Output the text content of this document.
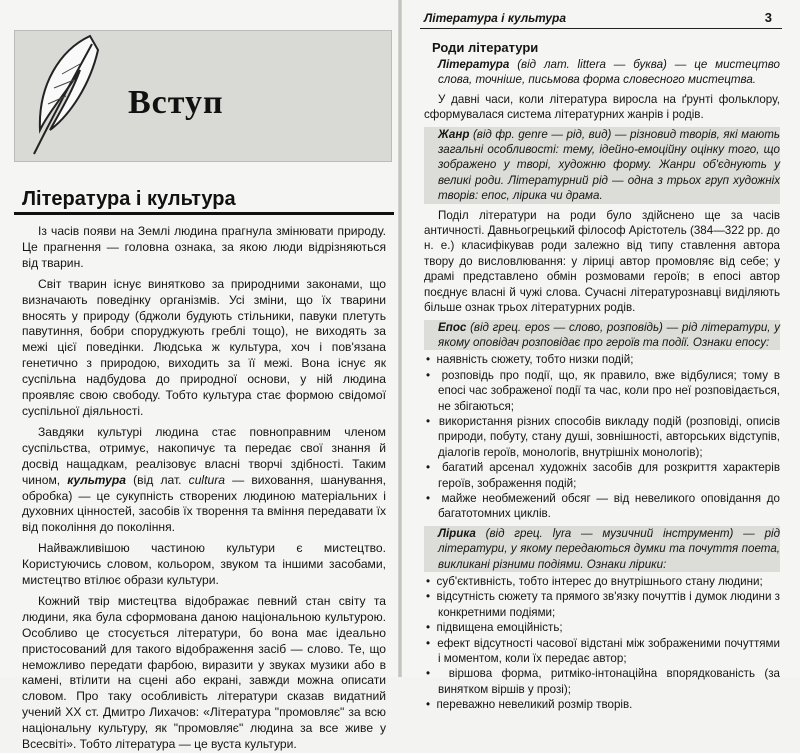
Вступ
Література і культура

Із часів появи на Землі людина прагнула змінювати природу. Це прагнення — головна ознака, за якою люди відрізняються від тварин.

Світ тварин існує винятково за природними законами, що визначають поведінку організмів. Усі зміни, що їх тварини вносять у природу (бджоли будують стільники, павуки плетуть павутиння, бобри споруджують греблі тощо), не виходять за межі цієї поведінки. Людська ж культура, хоч і пов'язана генетично з природою, виходить за її межі. Вона існує як суспільна надбудова до природної основи, у ній людина проявляє свою свободу. Тобто культура стає формою свідомої суспільної діяльності.

Завдяки культурі людина стає повноправним членом суспільства, отримує, накопичує та передає свої знання й досвід нащадкам, реалізовує власні творчі здібності. Таким чином, культура (від лат. cultura — виховання, шанування, обробка) — це сукупність створених людиною матеріальних і духовних цінностей, засобів їх творення та вміння передавати їх від покоління до покоління.

Найважливішою частиною культури є мистецтво. Користуючись словом, кольором, звуком та іншими засобами, мистецтво втілює образи культури.

Кожний твір мистецтва відображає певний стан світу та людини, яка була сформована даною національною культурою. Особливо це стосується літератури, бо вона має ідеально пристосований для такого відображення засіб — слово. Те, що неможливо передати фарбою, виразити у звуках музики або в камені, втілити на сцені або екрані, завжди можна описати словом. Про таку особливість літератури сказав видатний учений XX ст. Дмитро Лихачов: «Література "промовляє" за всю національну культуру, як "промовляє" людина за все живе у Всесвіті». Тобто література — це вуста культури.

Література і культура	3
Роди літератури

Література (від лат. littera — буква) — це мистецтво слова, точніше, письмова форма словесного мистецтва.

У давні часи, коли література виросла на ґрунті фольклору, сформувалася система літературних жанрів і родів.

Жанр (від фр. genre — рід, вид) — різновид творів, які мають загальні особливості: тему, ідейно-емоційну оцінку того, що зображено у творі, художню форму. Жанри об'єднують у великі роди. Літературний рід — одна з трьох груп художніх творів: епос, лірика чи драма.

Поділ літератури на роди було здійснено ще за часів античності. Давньогрецький філософ Арістотель (384—322 рр. до н. е.) класифікував роди залежно від типу ставлення автора твору до висловлювання: у ліриці автор промовляє від себе; у драмі представлено обмін розмовами героїв; в епосі автор поєднує власні й чужі слова. Сучасні літературознавці виділяють більше ознак трьох літературних родів.

Епос (від грец. epos — слово, розповідь) — рід літератури, у якому оповідач розповідає про героїв та події. Ознаки епосу:

•  наявність сюжету, тобто низки подій;

•  розповідь про події, що, як правило, вже відбулися; тому в епосі час зображеної події та час, коли про неї розповідається, не збігаються;

•  використання різних способів викладу подій (розповіді, описів природи, побуту, стану душі, зовнішності, авторських відступів, діалогів героїв, монологів, внутрішніх монологів);

•  багатий арсенал художніх засобів для розкриття характерів героїв, зображення подій;

•  майже необмежений обсяг — від невеликого оповідання до багатотомних циклів.

Лірика (від грец. lyra — музичний інструмент) — рід літератури, у якому передаються думки та почуття поета, викликані різними подіями. Ознаки лірики:

•  суб'єктивність, тобто інтерес до внутрішнього стану людини;

•  відсутність сюжету та прямого зв'язку почуттів і думок людини з конкретними подіями;

•  підвищена емоційність;

•  ефект відсутності часової відстані між зображеними почуттями і моментом, коли їх передає автор;

•  віршова форма, ритміко-інтонаційна впорядкованість (за винятком віршів у прозі);

•  переважно невеликий розмір творів.
